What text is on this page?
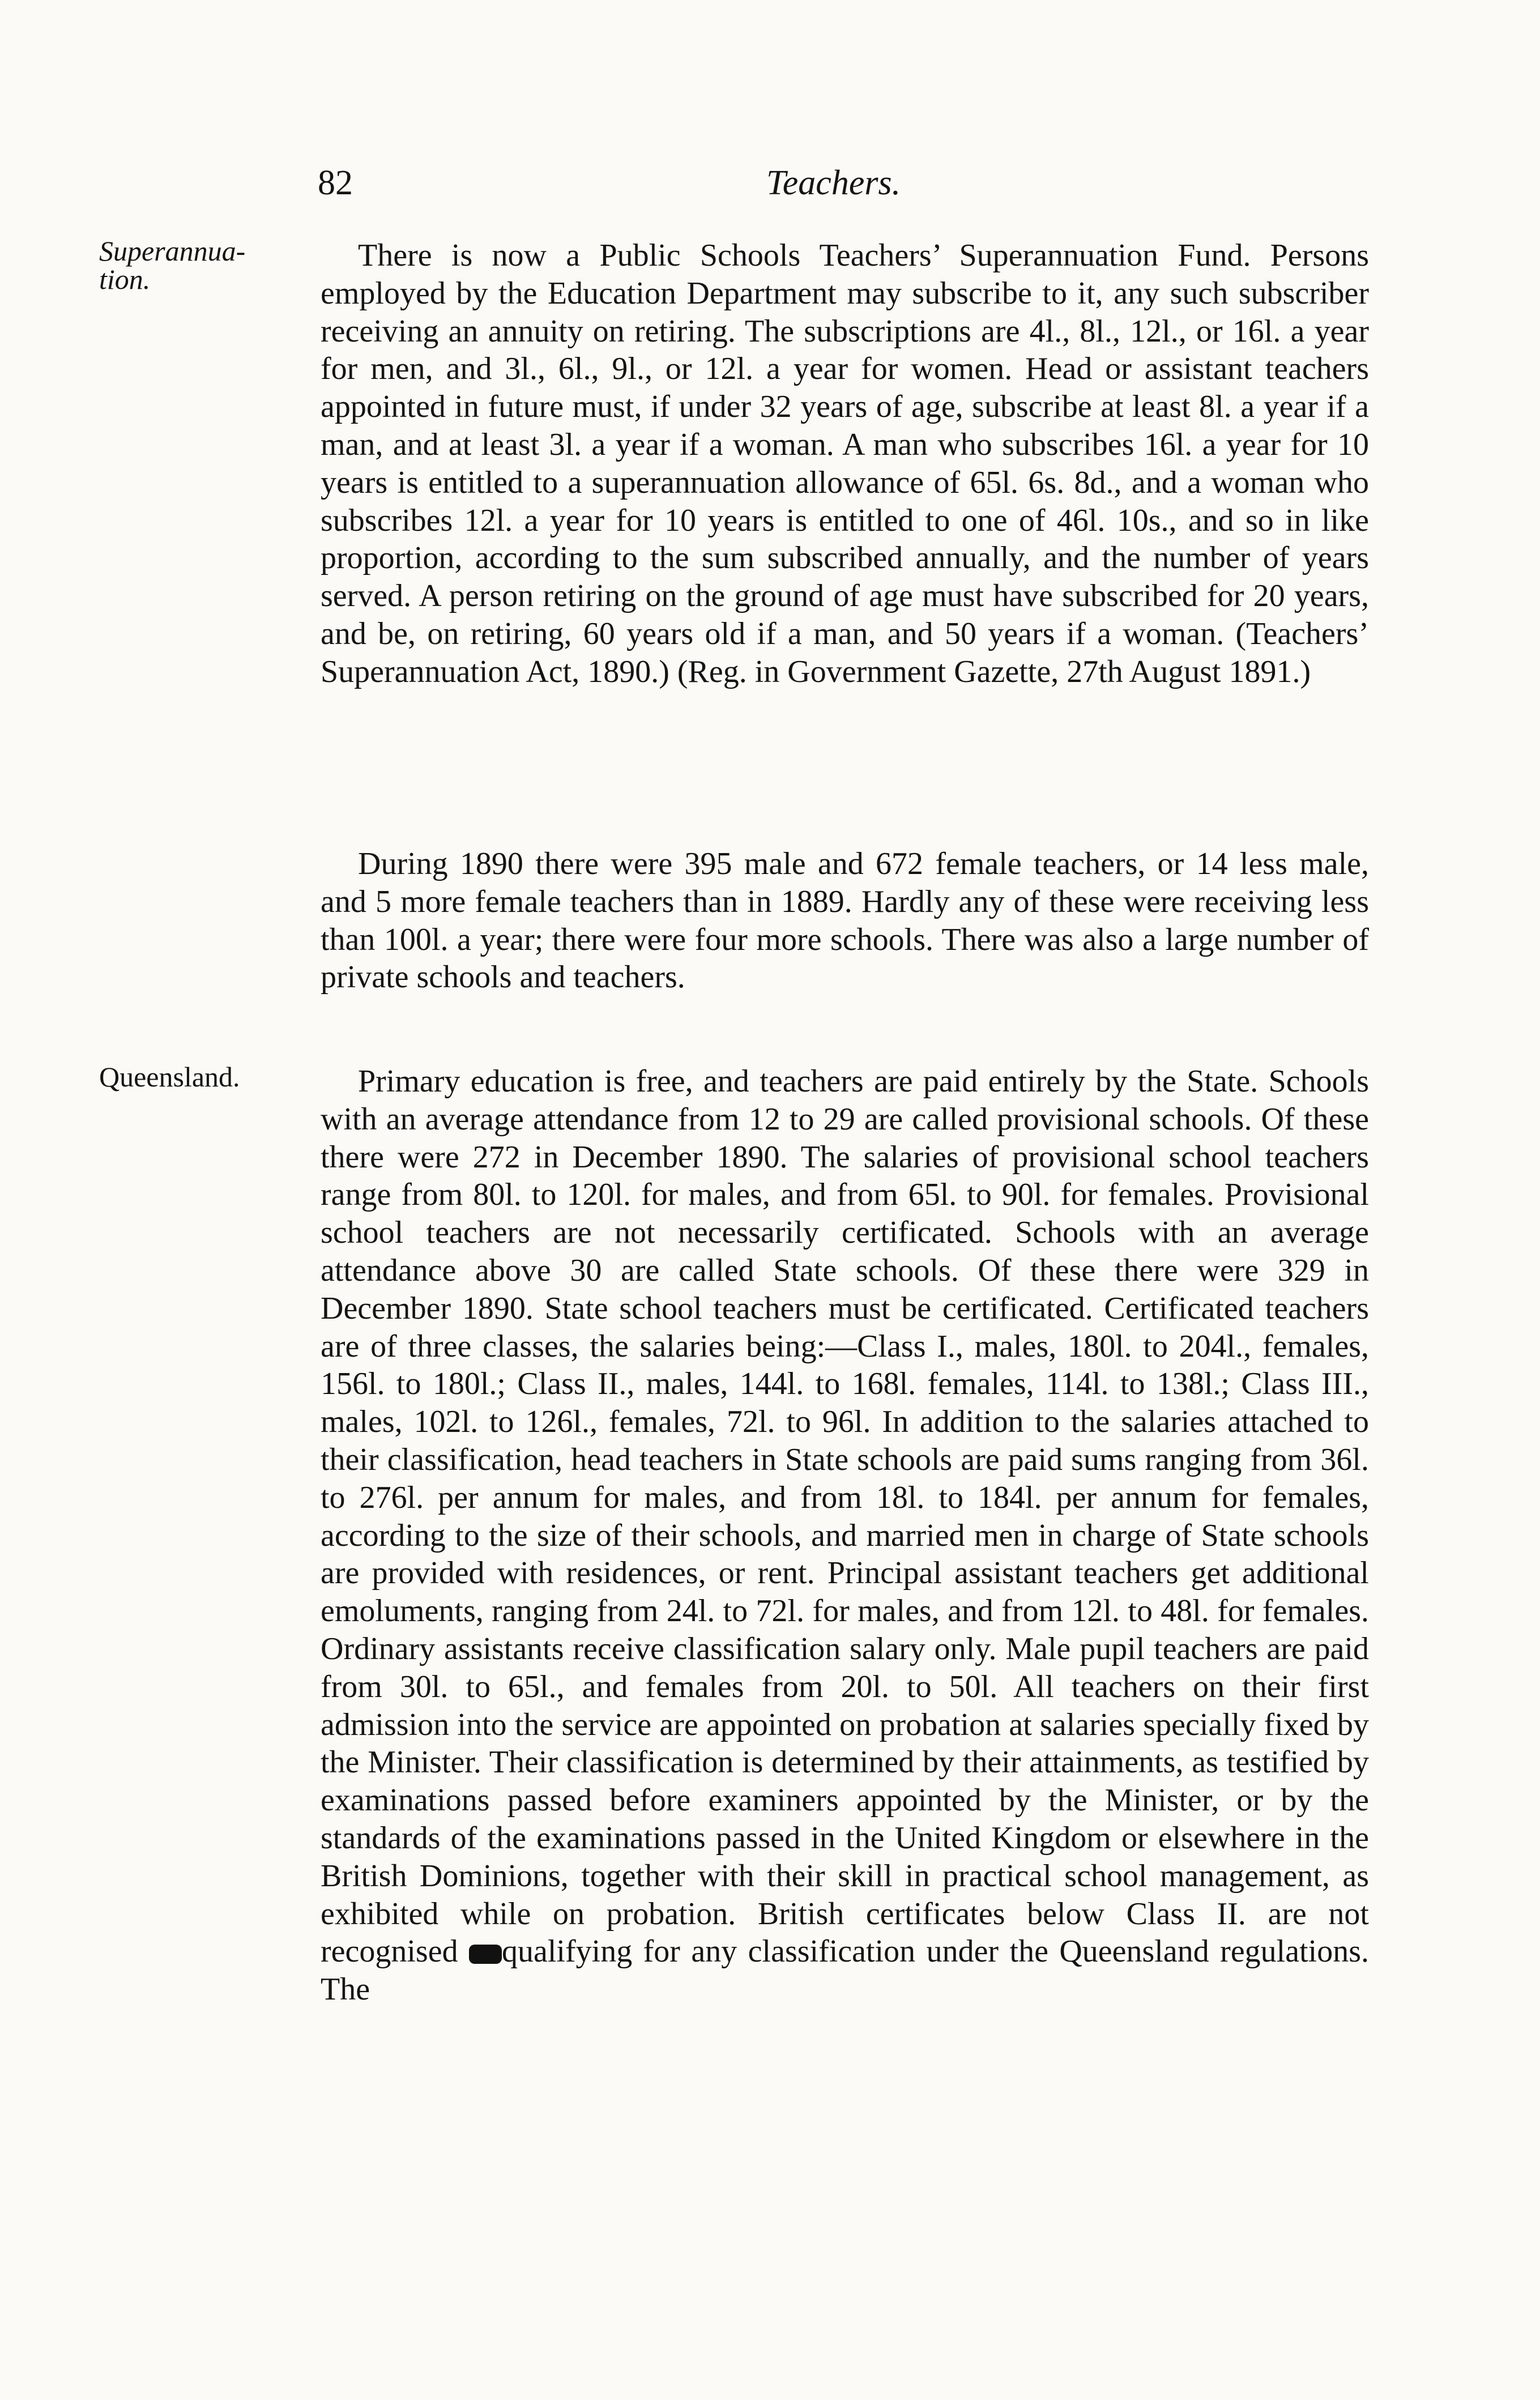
82	Teachers.
Superannua-
tion.
Queensland.

There is now a Public Schools Teachers’ Superannuation Fund. Persons employed by the Education Department may subscribe to it, any such subscriber receiving an annuity on retiring. The subscriptions are 4l., 8l., 12l., or 16l. a year for men, and 3l., 6l., 9l., or 12l. a year for women. Head or assistant teachers appointed in future must, if under 32 years of age, subscribe at least 8l. a year if a man, and at least 3l. a year if a woman. A man who subscribes 16l. a year for 10 years is entitled to a superannuation allowance of 65l. 6s. 8d., and a woman who subscribes 12l. a year for 10 years is entitled to one of 46l. 10s., and so in like proportion, according to the sum subscribed annually, and the number of years served. A person retiring on the ground of age must have subscribed for 20 years, and be, on retiring, 60 years old if a man, and 50 years if a woman. (Teachers’ Superannuation Act, 1890.) (Reg. in Government Gazette, 27th August 1891.)

During 1890 there were 395 male and 672 female teachers, or 14 less male, and 5 more female teachers than in 1889. Hardly any of these were receiving less than 100l. a year; there were four more schools. There was also a large number of private schools and teachers.

Primary education is free, and teachers are paid entirely by the State. Schools with an average attendance from 12 to 29 are called provisional schools. Of these there were 272 in December 1890. The salaries of provisional school teachers range from 80l. to 120l. for males, and from 65l. to 90l. for females. Provisional school teachers are not necessarily certificated. Schools with an average attendance above 30 are called State schools. Of these there were 329 in December 1890. State school teachers must be certificated. Certificated teachers are of three classes, the salaries being:—Class I., males, 180l. to 204l., females, 156l. to 180l.; Class II., males, 144l. to 168l. females, 114l. to 138l.; Class III., males, 102l. to 126l., females, 72l. to 96l. In addition to the salaries attached to their classification, head teachers in State schools are paid sums ranging from 36l. to 276l. per annum for males, and from 18l. to 184l. per annum for females, according to the size of their schools, and married men in charge of State schools are provided with residences, or rent. Principal assistant teachers get additional emoluments, ranging from 24l. to 72l. for males, and from 12l. to 48l. for females. Ordinary assistants receive classification salary only. Male pupil teachers are paid from 30l. to 65l., and females from 20l. to 50l. All teachers on their first admission into the service are appointed on probation at salaries specially fixed by the Minister. Their classification is determined by their attainments, as testified by examinations passed before examiners appointed by the Minister, or by the standards of the examinations passed in the United Kingdom or elsewhere in the British Dominions, together with their skill in practical school management, as exhibited while on probation. British certificates below Class II. are not recognised qualifying for any classification under the Queensland regulations. The
